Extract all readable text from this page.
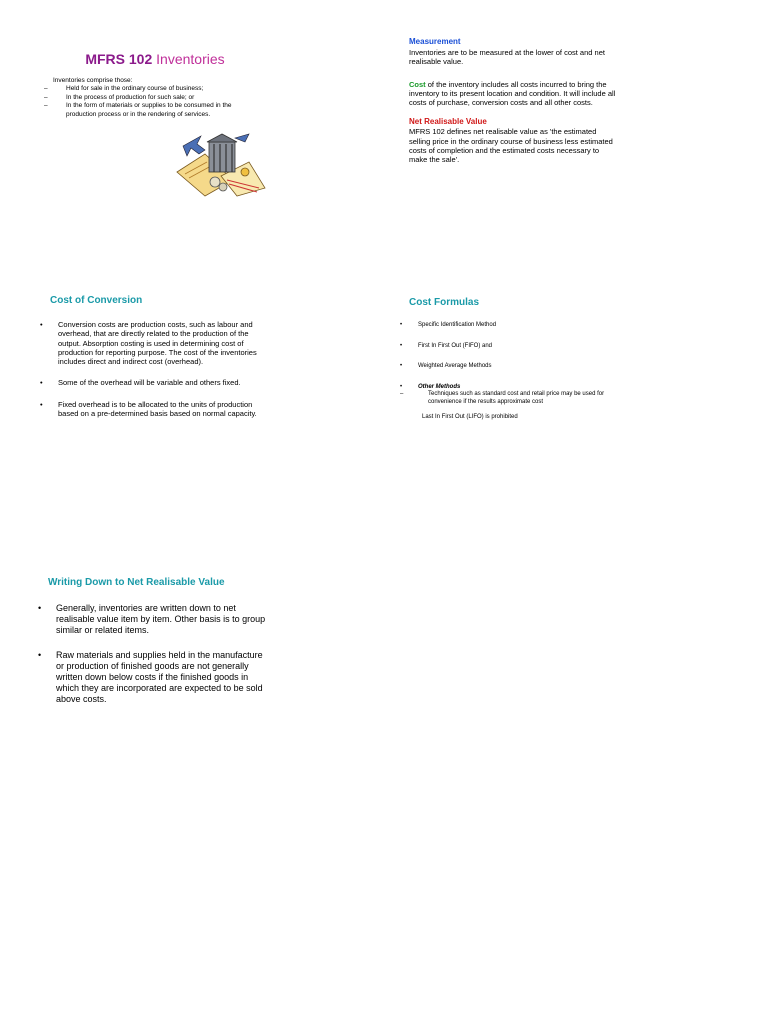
MFRS 102 Inventories
Inventories comprise those:
–	Held for sale in the ordinary course of business;
–	In the process of production for such sale; or
–	In the form of materials or supplies to be consumed in the
production process or in the rendering of services.
Measurement
Inventories are to be measured at the lower of cost and net realisable value.
Cost of the inventory includes all costs incurred to bring the inventory to its present location and condition. It will include all costs of purchase, conversion costs and all other costs.
Net Realisable Value
MFRS 102 defines net realisable value as 'the estimated selling price in the ordinary course of business less estimated costs of completion and the estimated costs necessary to make the sale'.
Cost of Conversion
• Conversion costs are production costs, such as labour and overhead, that are directly related to the production of the output. Absorption costing is used in determining cost of production for reporting purpose. The cost of the inventories includes direct and indirect cost (overhead).
• Some of the overhead will be variable and others fixed.
• Fixed overhead is to be allocated to the units of production based on a pre-determined basis based on normal capacity.
Cost Formulas
•	Specific Identification Method
•	First In First Out (FIFO) and
•	Weighted Average Methods
•	Other Methods
–	Techniques such as standard cost and retail price may be used for convenience if the results approximate cost
Last In First Out (LIFO) is prohibited
Writing Down to Net Realisable Value
• Generally, inventories are written down to net realisable value item by item. Other basis is to group similar or related items.
• Raw materials and supplies held in the manufacture or production of finished goods are not generally written down below costs if the finished goods in which they are incorporated are expected to be sold above costs.
